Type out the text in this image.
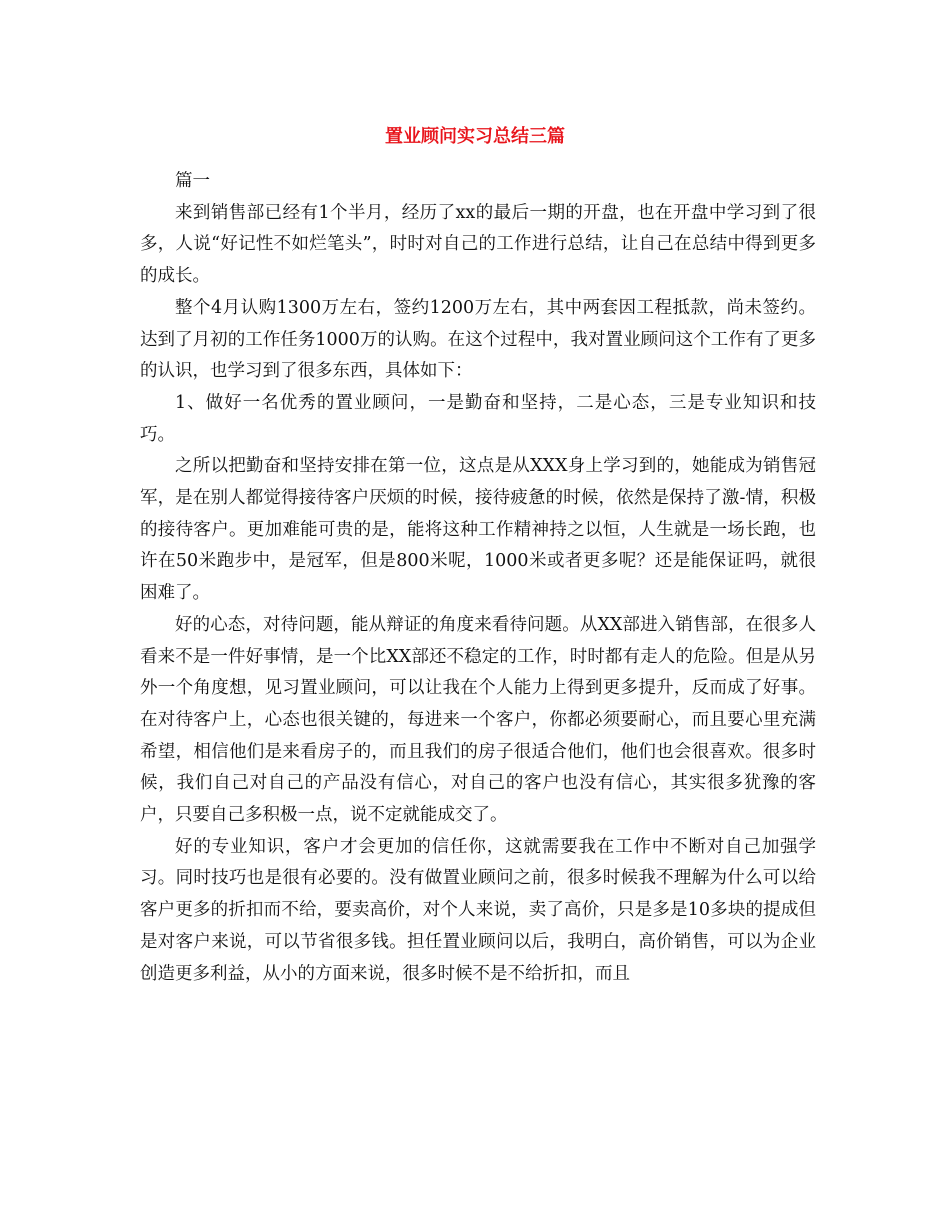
置业顾问实习总结三篇

篇一

来到销售部已经有1个半月，经历了xx的最后一期的开盘，也在开盘中学习到了很多，人说“好记性不如烂笔头”，时时对自己的工作进行总结，让自己在总结中得到更多的成长。

整个4月认购1300万左右，签约1200万左右，其中两套因工程抵款，尚未签约。达到了月初的工作任务1000万的认购。在这个过程中，我对置业顾问这个工作有了更多的认识，也学习到了很多东西，具体如下：

1、做好一名优秀的置业顾问，一是勤奋和坚持，二是心态，三是专业知识和技巧。

之所以把勤奋和坚持安排在第一位，这点是从XXX身上学习到的，她能成为销售冠军，是在别人都觉得接待客户厌烦的时候，接待疲惫的时候，依然是保持了激-情，积极的接待客户。更加难能可贵的是，能将这种工作精神持之以恒，人生就是一场长跑，也许在50米跑步中，是冠军，但是800米呢，1000米或者更多呢？还是能保证吗，就很困难了。

好的心态，对待问题，能从辩证的角度来看待问题。从XX部进入销售部，在很多人看来不是一件好事情，是一个比XX部还不稳定的工作，时时都有走人的危险。但是从另外一个角度想，见习置业顾问，可以让我在个人能力上得到更多提升，反而成了好事。在对待客户上，心态也很关键的，每进来一个客户，你都必须要耐心，而且要心里充满希望，相信他们是来看房子的，而且我们的房子很适合他们，他们也会很喜欢。很多时候，我们自己对自己的产品没有信心，对自己的客户也没有信心，其实很多犹豫的客户，只要自己多积极一点，说不定就能成交了。

好的专业知识，客户才会更加的信任你，这就需要我在工作中不断对自己加强学习。同时技巧也是很有必要的。没有做置业顾问之前，很多时候我不理解为什么可以给客户更多的折扣而不给，要卖高价，对个人来说，卖了高价，只是多是10多块的提成但是对客户来说，可以节省很多钱。担任置业顾问以后，我明白，高价销售，可以为企业创造更多利益，从小的方面来说，很多时候不是不给折扣，而且
